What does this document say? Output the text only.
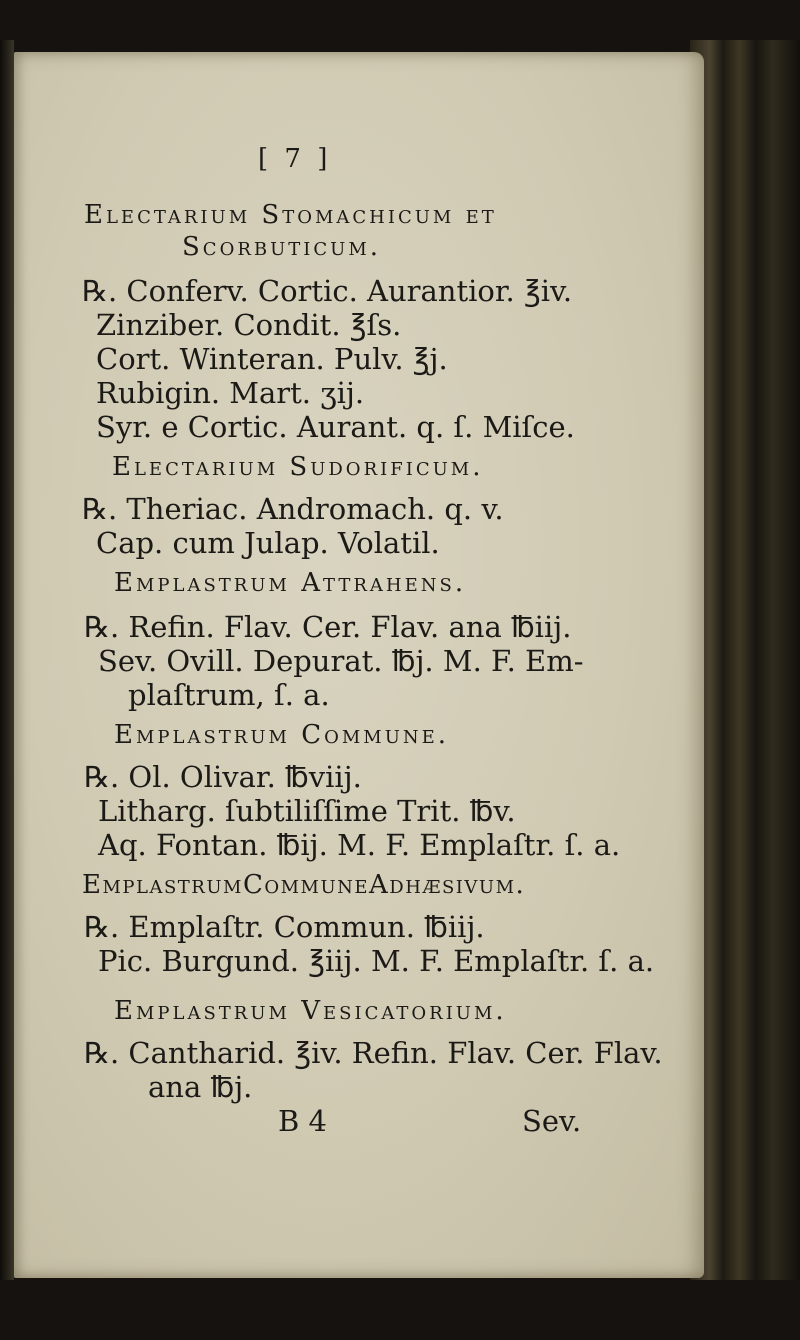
[ 7 ]
Electarium Stomachicum et
Scorbuticum.
℞. Conferv. Cortic. Aurantior. ℥iv.
Zinziber. Condit. ℥ſs.
Cort. Winteran. Pulv. ℥j.
Rubigin. Mart. ʒij.
Syr. e Cortic. Aurant. q. ſ. Miſce.
Electarium Sudorificum.
℞. Theriac. Andromach. q. v.
Cap. cum Julap. Volatil.
Emplastrum Attrahens.
℞. Refin. Flav. Cer. Flav. ana ℔iij.
Sev. Ovill. Depurat. ℔j. M. F. Em-
plaſtrum, ſ. a.
Emplastrum Commune.
℞. Ol. Olivar. ℔viij.
Litharg. ſubtiliſſime Trit. ℔v.
Aq. Fontan. ℔ij. M. F. Emplaſtr. ſ. a.
EmplastrumCommuneAdhæsivum.
℞. Emplaſtr. Commun. ℔iij.
Pic. Burgund. ℥iij. M. F. Emplaſtr. ſ. a.
Emplastrum Vesicatorium.
℞. Cantharid. ℥iv. Refin. Flav. Cer. Flav.
ana ℔j.
B 4	Sev.
